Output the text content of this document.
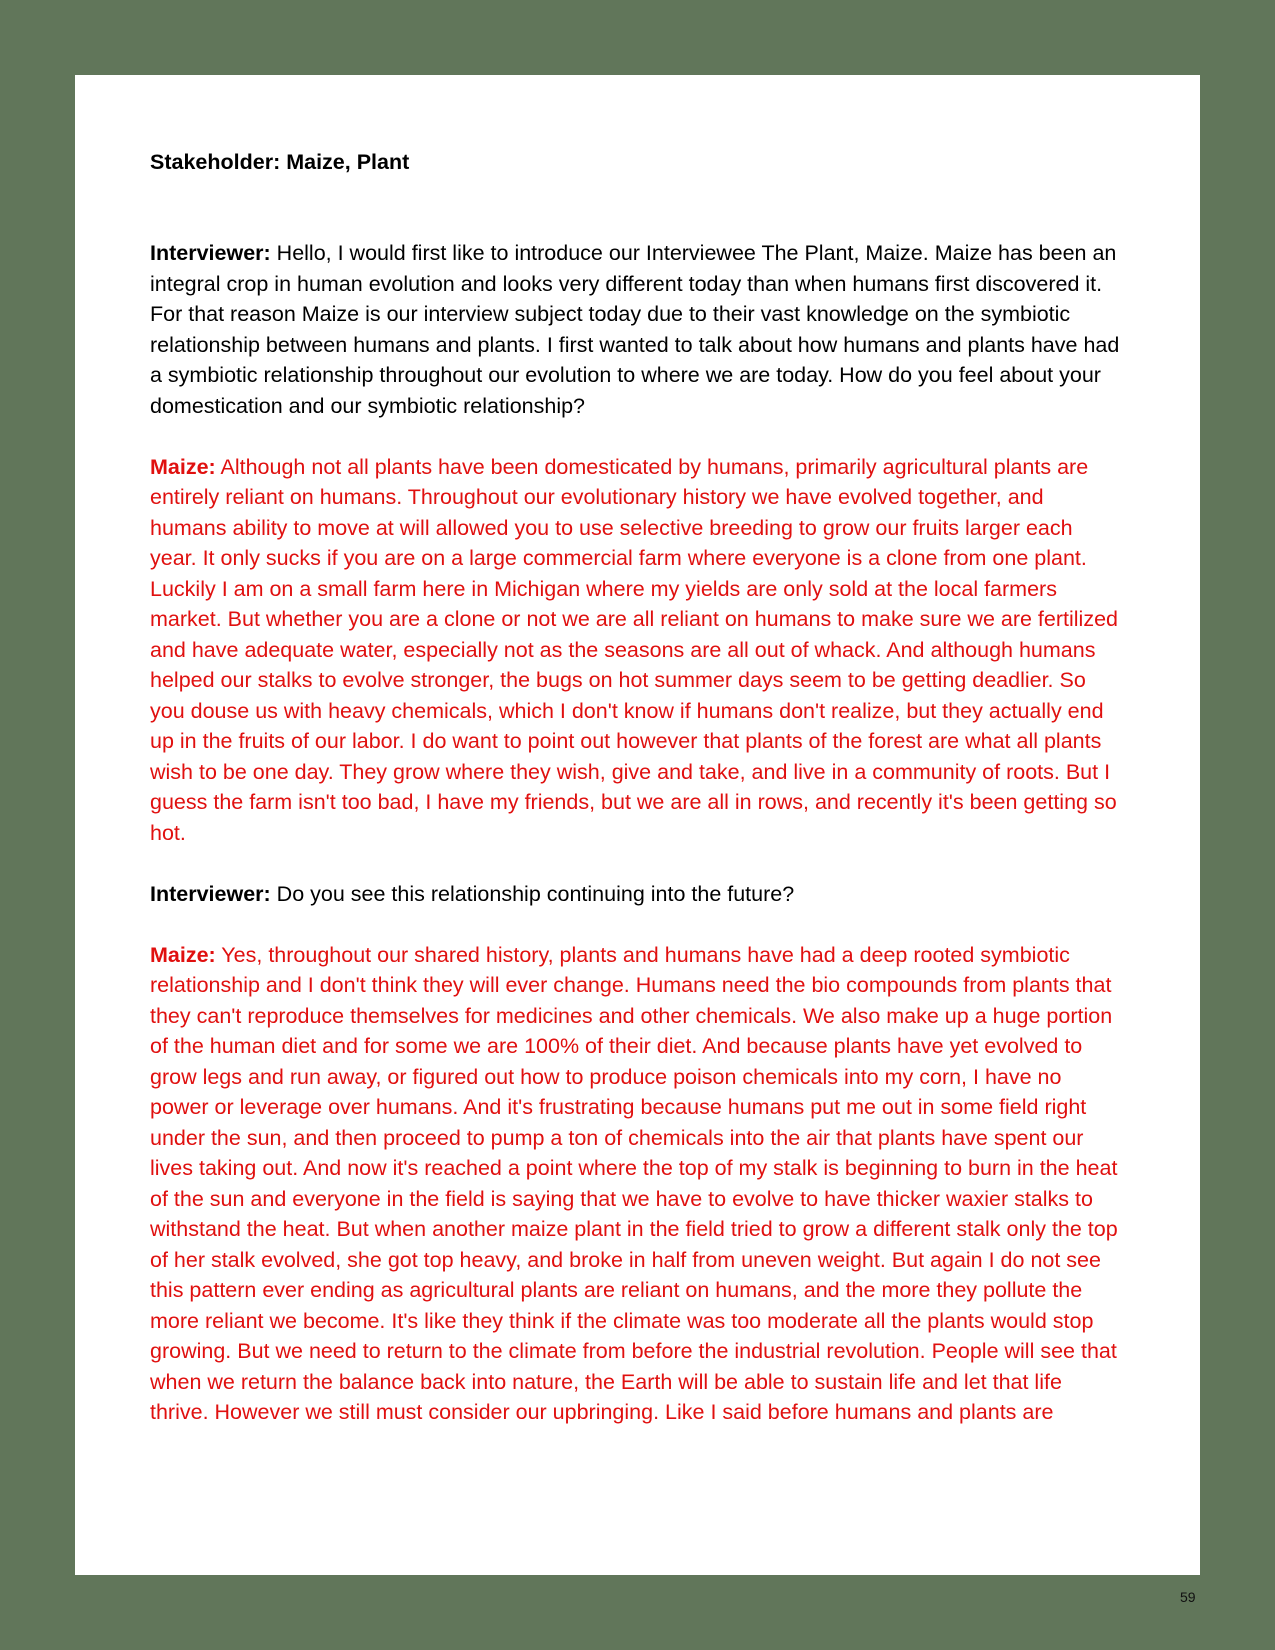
Stakeholder: Maize, Plant

Interviewer: Hello, I would first like to introduce our Interviewee The Plant, Maize. Maize has been an integral crop in human evolution and looks very different today than when humans first discovered it. For that reason Maize is our interview subject today due to their vast knowledge on the symbiotic relationship between humans and plants. I first wanted to talk about how humans and plants have had a symbiotic relationship throughout our evolution to where we are today. How do you feel about your domestication and our symbiotic relationship?

Maize: Although not all plants have been domesticated by humans, primarily agricultural plants are entirely reliant on humans. Throughout our evolutionary history we have evolved together, and humans ability to move at will allowed you to use selective breeding to grow our fruits larger each year. It only sucks if you are on a large commercial farm where everyone is a clone from one plant. Luckily I am on a small farm here in Michigan where my yields are only sold at the local farmers market. But whether you are a clone or not we are all reliant on humans to make sure we are fertilized and have adequate water, especially not as the seasons are all out of whack. And although humans helped our stalks to evolve stronger, the bugs on hot summer days seem to be getting deadlier. So you douse us with heavy chemicals, which I don't know if humans don't realize, but they actually end up in the fruits of our labor. I do want to point out however that plants of the forest are what all plants wish to be one day. They grow where they wish, give and take, and live in a community of roots. But I guess the farm isn't too bad, I have my friends, but we are all in rows, and recently it's been getting so hot.

Interviewer: Do you see this relationship continuing into the future?

Maize: Yes, throughout our shared history, plants and humans have had a deep rooted symbiotic relationship and I don't think they will ever change. Humans need the bio compounds from plants that they can't reproduce themselves for medicines and other chemicals. We also make up a huge portion of the human diet and for some we are 100% of their diet. And because plants have yet evolved to grow legs and run away, or figured out how to produce poison chemicals into my corn, I have no power or leverage over humans. And it's frustrating because humans put me out in some field right under the sun, and then proceed to pump a ton of chemicals into the air that plants have spent our lives taking out. And now it's reached a point where the top of my stalk is beginning to burn in the heat of the sun and everyone in the field is saying that we have to evolve to have thicker waxier stalks to withstand the heat. But when another maize plant in the field tried to grow a different stalk only the top of her stalk evolved, she got top heavy, and broke in half from uneven weight. But again I do not see this pattern ever ending as agricultural plants are reliant on humans, and the more they pollute the more reliant we become. It's like they think if the climate was too moderate all the plants would stop growing. But we need to return to the climate from before the industrial revolution. People will see that when we return the balance back into nature, the Earth will be able to sustain life and let that life thrive. However we still must consider our upbringing. Like I said before humans and plants are

59
